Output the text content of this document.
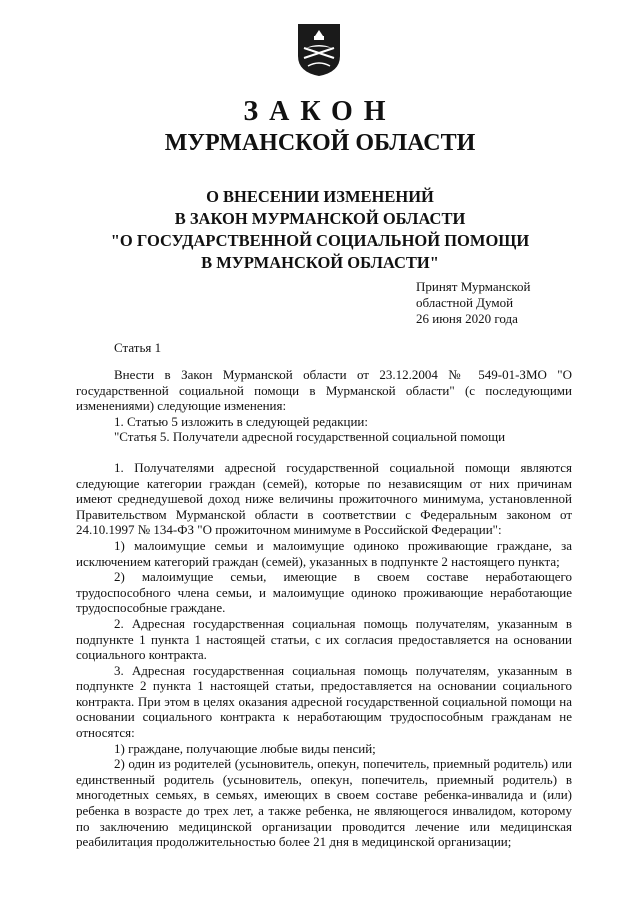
ЗАКОН
МУРМАНСКОЙ ОБЛАСТИ
О ВНЕСЕНИИ ИЗМЕНЕНИЙ
В ЗАКОН МУРМАНСКОЙ ОБЛАСТИ
"О ГОСУДАРСТВЕННОЙ СОЦИАЛЬНОЙ ПОМОЩИ
В МУРМАНСКОЙ ОБЛАСТИ"
Принят Мурманской
областной Думой
26 июня 2020 года
Статья 1

Внести в Закон Мурманской области от 23.12.2004 № 549-01-ЗМО "О государственной социальной помощи в Мурманской области" (с последующими изменениями) следующие изменения:

1. Статью 5 изложить в следующей редакции:

"Статья 5. Получатели адресной государственной социальной помощи

1. Получателями адресной государственной социальной помощи являются следующие категории граждан (семей), которые по независящим от них причинам имеют среднедушевой доход ниже величины прожиточного минимума, установленной Правительством Мурманской области в соответствии с Федеральным законом от 24.10.1997 № 134-ФЗ "О прожиточном минимуме в Российской Федерации":

1) малоимущие семьи и малоимущие одиноко проживающие граждане, за исключением категорий граждан (семей), указанных в подпункте 2 настоящего пункта;

2) малоимущие семьи, имеющие в своем составе неработающего трудоспособного члена семьи, и малоимущие одиноко проживающие неработающие трудоспособные граждане.

2. Адресная государственная социальная помощь получателям, указанным в подпункте 1 пункта 1 настоящей статьи, с их согласия предоставляется на основании социального контракта.

3. Адресная государственная социальная помощь получателям, указанным в подпункте 2 пункта 1 настоящей статьи, предоставляется на основании социального контракта. При этом в целях оказания адресной государственной социальной помощи на основании социального контракта к неработающим трудоспособным гражданам не относятся:

1) граждане, получающие любые виды пенсий;

2) один из родителей (усыновитель, опекун, попечитель, приемный родитель) или единственный родитель (усыновитель, опекун, попечитель, приемный родитель) в многодетных семьях, в семьях, имеющих в своем составе ребенка-инвалида и (или) ребенка в возрасте до трех лет, а также ребенка, не являющегося инвалидом, которому по заключению медицинской организации проводится лечение или медицинская реабилитация продолжительностью более 21 дня в медицинской организации;
